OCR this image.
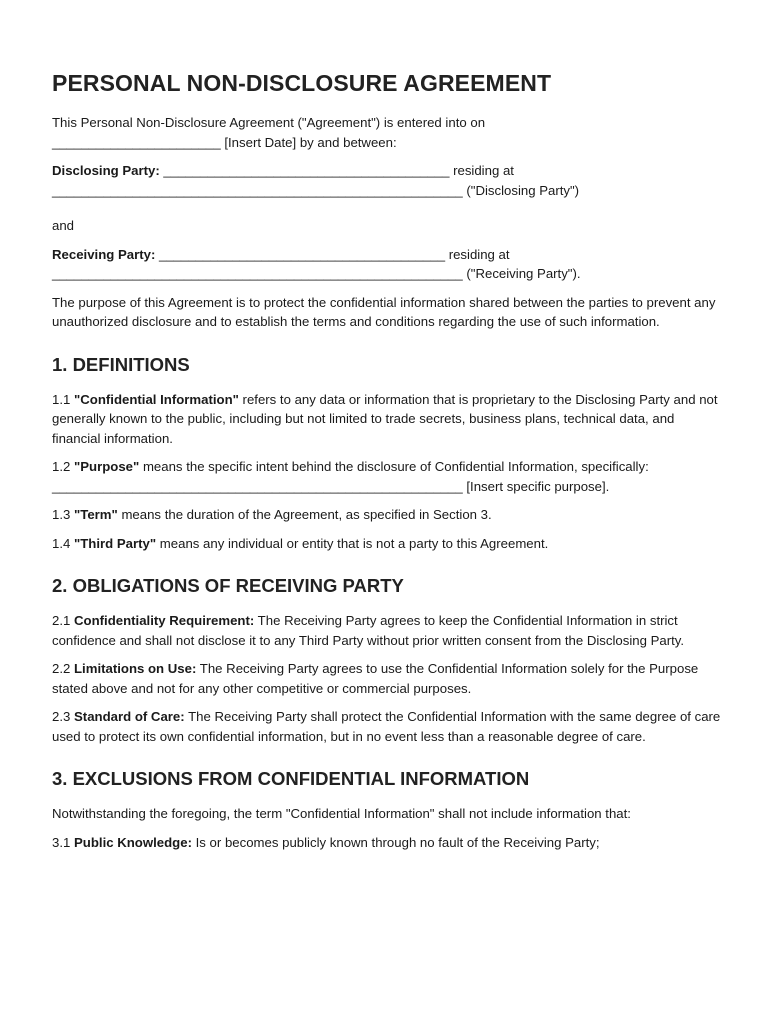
PERSONAL NON-DISCLOSURE AGREEMENT

This Personal Non-Disclosure Agreement ("Agreement") is entered into on
_______________________ [Insert Date] by and between:

Disclosing Party: _______________________________________ residing at
________________________________________________________ ("Disclosing Party")

and

Receiving Party: _______________________________________ residing at
________________________________________________________ ("Receiving Party").

The purpose of this Agreement is to protect the confidential information shared between the parties to prevent any unauthorized disclosure and to establish the terms and conditions regarding the use of such information.

1. DEFINITIONS

1.1 "Confidential Information" refers to any data or information that is proprietary to the Disclosing Party and not generally known to the public, including but not limited to trade secrets, business plans, technical data, and financial information.

1.2 "Purpose" means the specific intent behind the disclosure of Confidential Information, specifically: ________________________________________________________ [Insert specific purpose].

1.3 "Term" means the duration of the Agreement, as specified in Section 3.

1.4 "Third Party" means any individual or entity that is not a party to this Agreement.

2. OBLIGATIONS OF RECEIVING PARTY

2.1 Confidentiality Requirement: The Receiving Party agrees to keep the Confidential Information in strict confidence and shall not disclose it to any Third Party without prior written consent from the Disclosing Party.

2.2 Limitations on Use: The Receiving Party agrees to use the Confidential Information solely for the Purpose stated above and not for any other competitive or commercial purposes.

2.3 Standard of Care: The Receiving Party shall protect the Confidential Information with the same degree of care used to protect its own confidential information, but in no event less than a reasonable degree of care.

3. EXCLUSIONS FROM CONFIDENTIAL INFORMATION

Notwithstanding the foregoing, the term "Confidential Information" shall not include information that:

3.1 Public Knowledge: Is or becomes publicly known through no fault of the Receiving Party;
